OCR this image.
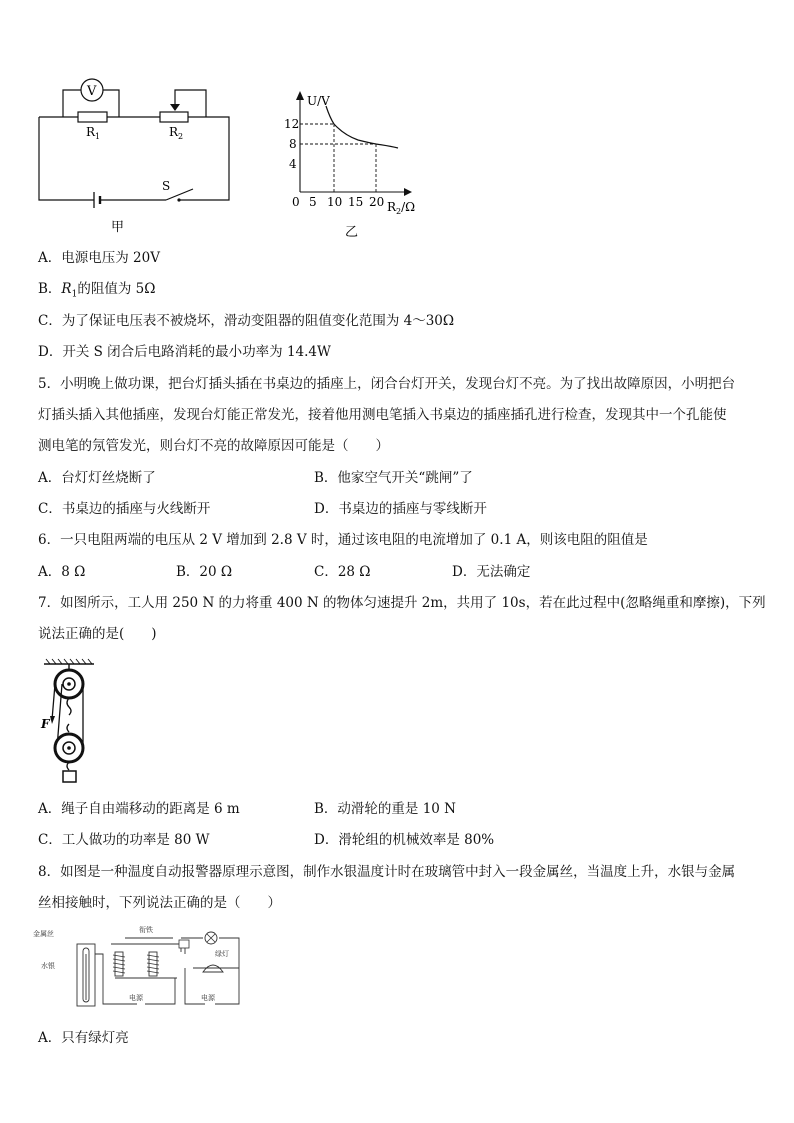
V
$R_1$	$R_2$
S
甲
U/V
12
8
4
0 5 10 15 20 $R_2/\Omega$
乙
A．电源电压为 20V
B．$R_1$的阻值为 5Ω
C．为了保证电压表不被烧坏，滑动变阻器的阻值变化范围为 4～30Ω
D．开关 S 闭合后电路消耗的最小功率为 14.4W
5．小明晚上做功课，把台灯插头插在书桌边的插座上，闭合台灯开关，发现台灯不亮。为了找出故障原因，小明把台
灯插头插入其他插座，发现台灯能正常发光，接着他用测电笔插入书桌边的插座插孔进行检查，发现其中一个孔能使
测电笔的氖管发光，则台灯不亮的故障原因可能是（　　）
A．台灯灯丝烧断了	B．他家空气开关“跳闸”了
C．书桌边的插座与火线断开	D．书桌边的插座与零线断开
6．一只电阻两端的电压从 2 V 增加到 2.8 V 时，通过该电阻的电流增加了 0.1 A，则该电阻的阻值是
A．8 Ω	B．20 Ω	C．28 Ω	D．无法确定
7．如图所示，工人用 250 N 的力将重 400 N 的物体匀速提升 2m，共用了 10s，若在此过程中(忽略绳重和摩擦)，下列
说法正确的是(　　)
F
A．绳子自由端移动的距离是 6 m	B．动滑轮的重是 10 N
C．工人做功的功率是 80 W	D．滑轮组的机械效率是 80%
8．如图是一种温度自动报警器原理示意图，制作水银温度计时在玻璃管中封入一段金属丝，当温度上升，水银与金属
丝相接触时，下列说法正确的是（　　）
金属丝
水银
衔铁
绿灯
电源	电源
A．只有绿灯亮
